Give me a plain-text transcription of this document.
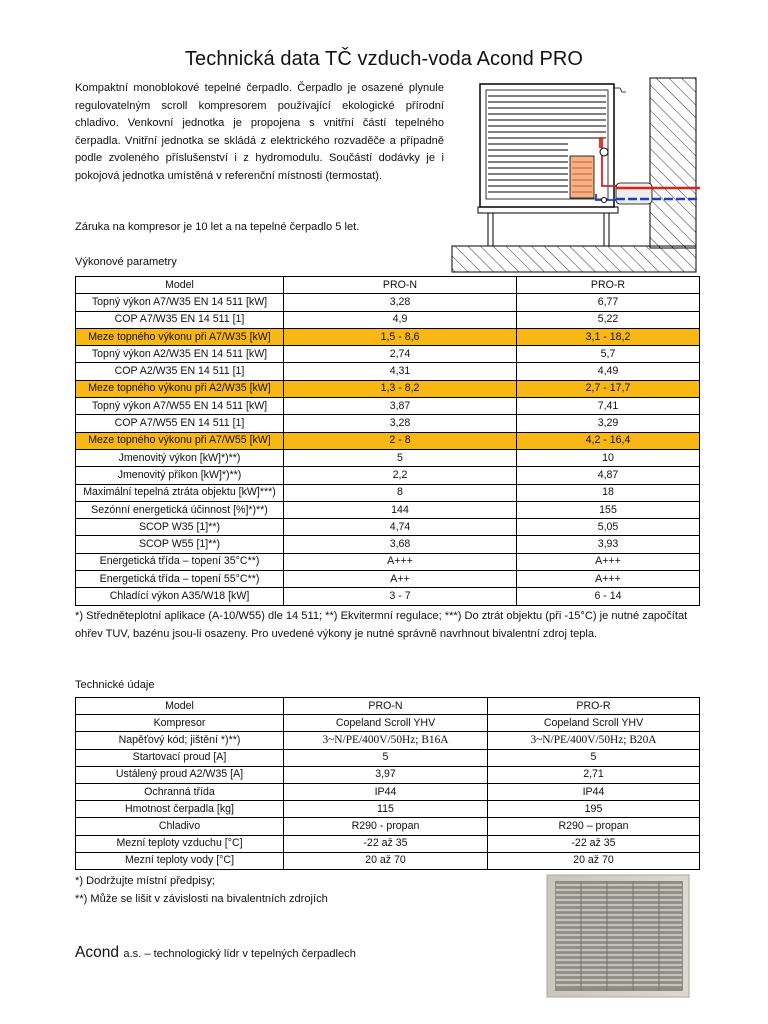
Technická data TČ vzduch-voda Acond PRO
Kompaktní monoblokové tepelné čerpadlo. Čerpadlo je osazené plynule regulovatelným scroll kompresorem používající ekologické přírodní chladivo. Venkovní jednotka je propojena s vnitřní částí tepelného čerpadla. Vnitřní jednotka se skládá z elektrického rozvaděče a případně podle zvoleného příslušenství i z hydromodulu. Součástí dodávky je i pokojová jednotka umístěná v referenční místnosti (termostat).
Záruka na kompresor je 10 let a na tepelné čerpadlo 5 let.
Výkonové parametry
Model	PRO-N	PRO-R
Topný výkon A7/W35 EN 14 511 [kW]	3,28	6,77
COP A7/W35 EN 14 511 [1]	4,9	5,22
Meze topného výkonu při A7/W35 [kW]	1,5 - 8,6	3,1 - 18,2
Topný výkon A2/W35 EN 14 511 [kW]	2,74	5,7
COP A2/W35 EN 14 511 [1]	4,31	4,49
Meze topného výkonu při A2/W35 [kW]	1,3 - 8,2	2,7 - 17,7
Topný výkon A7/W55 EN 14 511 [kW]	3,87	7,41
COP A7/W55 EN 14 511 [1]	3,28	3,29
Meze topného výkonu při A7/W55 [kW]	2 - 8	4,2 - 16,4
Jmenovitý výkon [kW]*)**)	5	10
Jmenovitý příkon [kW]*)**)	2,2	4,87
Maximální tepelná ztráta objektu [kW]***)	8	18
Sezónní energetická účinnost [%]*)**)	144	155
SCOP W35 [1]**)	4,74	5,05
SCOP W55 [1]**)	3,68	3,93
Energetická třída – topení 35°C**)	A+++	A+++
Energetická třída – topení 55°C**)	A++	A+++
Chladící výkon A35/W18 [kW]	3 - 7	6 - 14
*) Středněteplotní aplikace (A-10/W55) dle 14 511; **) Ekvitermní regulace; ***) Do ztrát objektu (při -15°C) je nutné započítat ohřev TUV, bazénu jsou-li osazeny. Pro uvedené výkony je nutné správně navrhnout bivalentní zdroj tepla.
Technické údaje
Model	PRO-N	PRO-R
Kompresor	Copeland Scroll YHV	Copeland Scroll YHV
Napěťový kód; jištění *)**)	3~N/PE/400V/50Hz; B16A	3~N/PE/400V/50Hz; B20A
Startovací proud [A]	5	5
Ustálený proud A2/W35 [A]	3,97	2,71
Ochranná třída	IP44	IP44
Hmotnost čerpadla [kg]	115	195
Chladivo	R290 - propan	R290 – propan
Mezní teploty vzduchu [°C]	-22 až 35	-22 až 35
Mezní teploty vody [°C]	20 až 70	20 až 70
*) Dodržujte místní předpisy;
**) Může se lišit v závislosti na bivalentních zdrojích
Acond a.s. – technologický lídr v tepelných čerpadlech
